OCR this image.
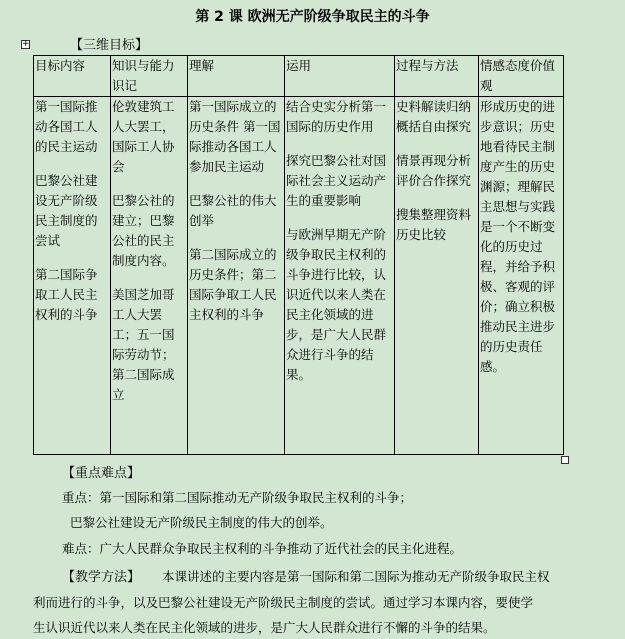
第 2 课 欧洲无产阶级争取民主的斗争
+	【三维目标】
目标内容	知识与能力识记	理解	运用	过程与方法	情感态度价值观

第一国际推动各国工人的民主运动
巴黎公社建设无产阶级民主制度的尝试
第二国际争取工人民主权利的斗争	伦敦建筑工人大罢工，国际工人协会
巴黎公社的建立；巴黎公社的民主制度内容。
美国芝加哥工人大罢工；五一国际劳动节；第二国际成立	第一国际成立的历史条件 第一国际推动各国工人参加民主运动
巴黎公社的伟大创举
第二国际成立的历史条件；第二国际争取工人民主权利的斗争	结合史实分析第一国际的历史作用
探究巴黎公社对国际社会主义运动产生的重要影响
与欧洲早期无产阶级争取民主权利的斗争进行比较，认识近代以来人类在民主化领域的进步，是广大人民群众进行斗争的结果。	史料解读归纳概括自由探究
情景再现分析评价合作探究
搜集整理资料历史比较	形成历史的进步意识；历史地看待民主制度产生的历史渊源；理解民主思想与实践是一个不断变化的历史过程，并给予积极、客观的评价；确立积极推动民主进步的历史责任感。
【重点难点】
重点：第一国际和第二国际推动无产阶级争取民主权利的斗争；
巴黎公社建设无产阶级民主制度的伟大的创举。
难点：广大人民群众争取民主权利的斗争推动了近代社会的民主化进程。
【教学方法】 本课讲述的主要内容是第一国际和第二国际为推动无产阶级争取民主权
利而进行的斗争，以及巴黎公社建设无产阶级民主制度的尝试。通过学习本课内容，要使学
生认识近代以来人类在民主化领域的进步，是广大人民群众进行不懈的斗争的结果。
